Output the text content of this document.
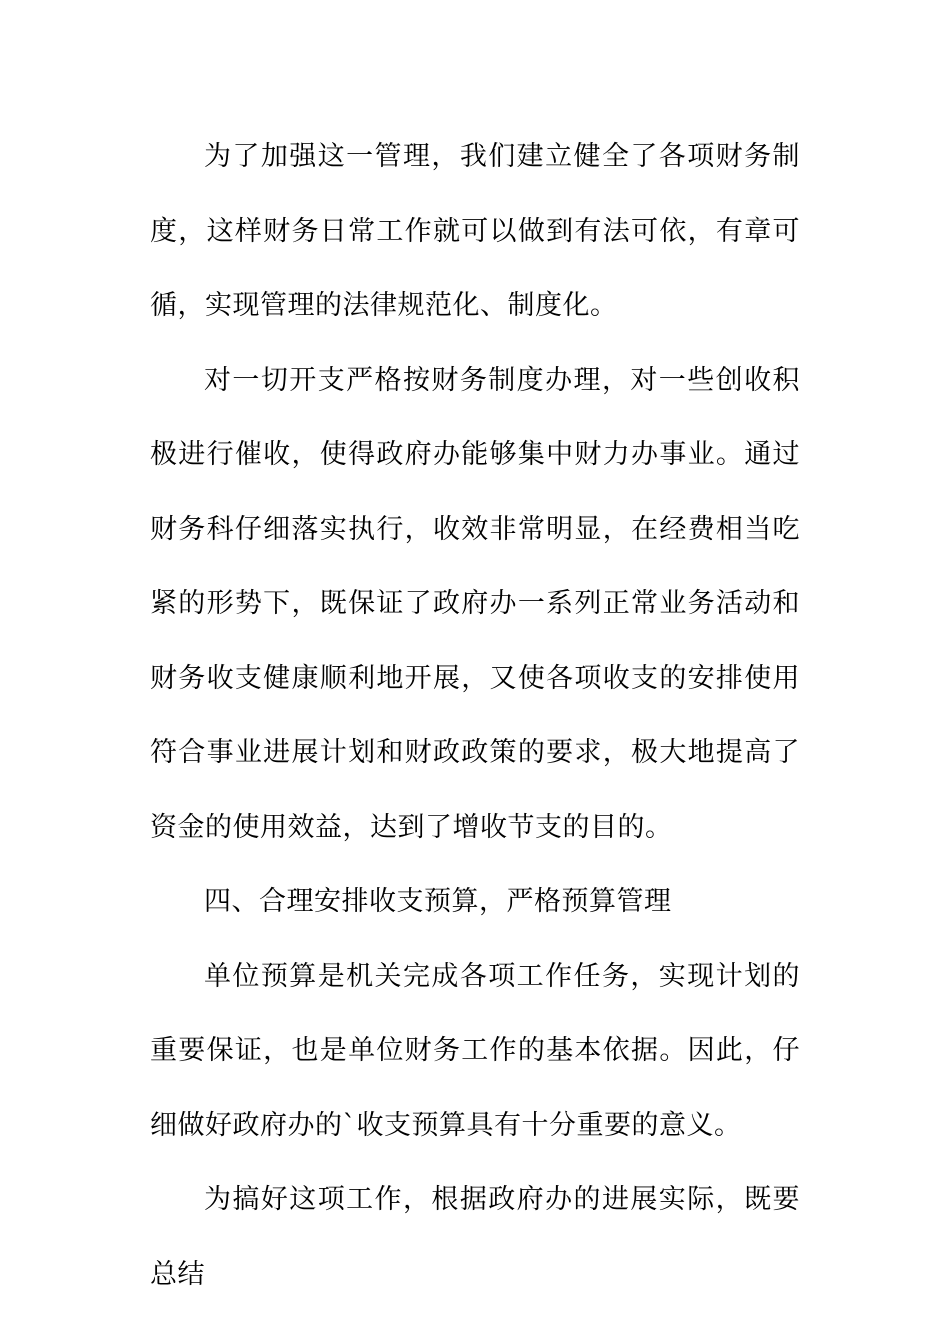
为了加强这一管理，我们建立健全了各项财务制度，这样财务日常工作就可以做到有法可依，有章可循，实现管理的法律规范化、制度化。

对一切开支严格按财务制度办理，对一些创收积极进行催收，使得政府办能够集中财力办事业。通过财务科仔细落实执行，收效非常明显，在经费相当吃紧的形势下，既保证了政府办一系列正常业务活动和财务收支健康顺利地开展，又使各项收支的安排使用符合事业进展计划和财政政策的要求，极大地提高了资金的使用效益，达到了增收节支的目的。

四、合理安排收支预算，严格预算管理

单位预算是机关完成各项工作任务，实现计划的重要保证，也是单位财务工作的基本依据。因此，仔细做好政府办的`收支预算具有十分重要的意义。

为搞好这项工作，根据政府办的进展实际，既要总结
